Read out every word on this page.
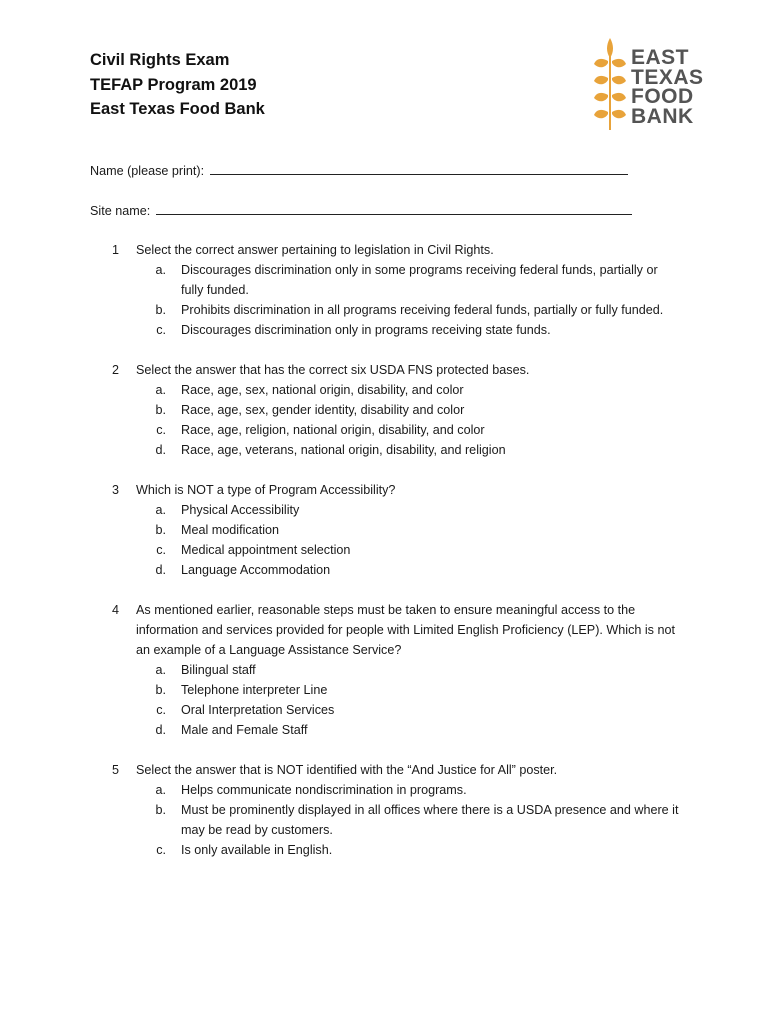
Civil Rights Exam
TEFAP Program 2019
East Texas Food Bank
EAST
TEXAS
FOOD
BANK
Name (please print):
Site name:
1 Select the correct answer pertaining to legislation in Civil Rights.
a. Discourages discrimination only in some programs receiving federal funds, partially or fully funded.
b. Prohibits discrimination in all programs receiving federal funds, partially or fully funded.
c. Discourages discrimination only in programs receiving state funds.
2 Select the answer that has the correct six USDA FNS protected bases.
a. Race, age, sex, national origin, disability, and color
b. Race, age, sex, gender identity, disability and color
c. Race, age, religion, national origin, disability, and color
d. Race, age, veterans, national origin, disability, and religion
3 Which is NOT a type of Program Accessibility?
a. Physical Accessibility
b. Meal modification
c. Medical appointment selection
d. Language Accommodation
4 As mentioned earlier, reasonable steps must be taken to ensure meaningful access to the information and services provided for people with Limited English Proficiency (LEP). Which is not an example of a Language Assistance Service?
a. Bilingual staff
b. Telephone interpreter Line
c. Oral Interpretation Services
d. Male and Female Staff
5 Select the answer that is NOT identified with the “And Justice for All” poster.
a. Helps communicate nondiscrimination in programs.
b. Must be prominently displayed in all offices where there is a USDA presence and where it may be read by customers.
c. Is only available in English.
